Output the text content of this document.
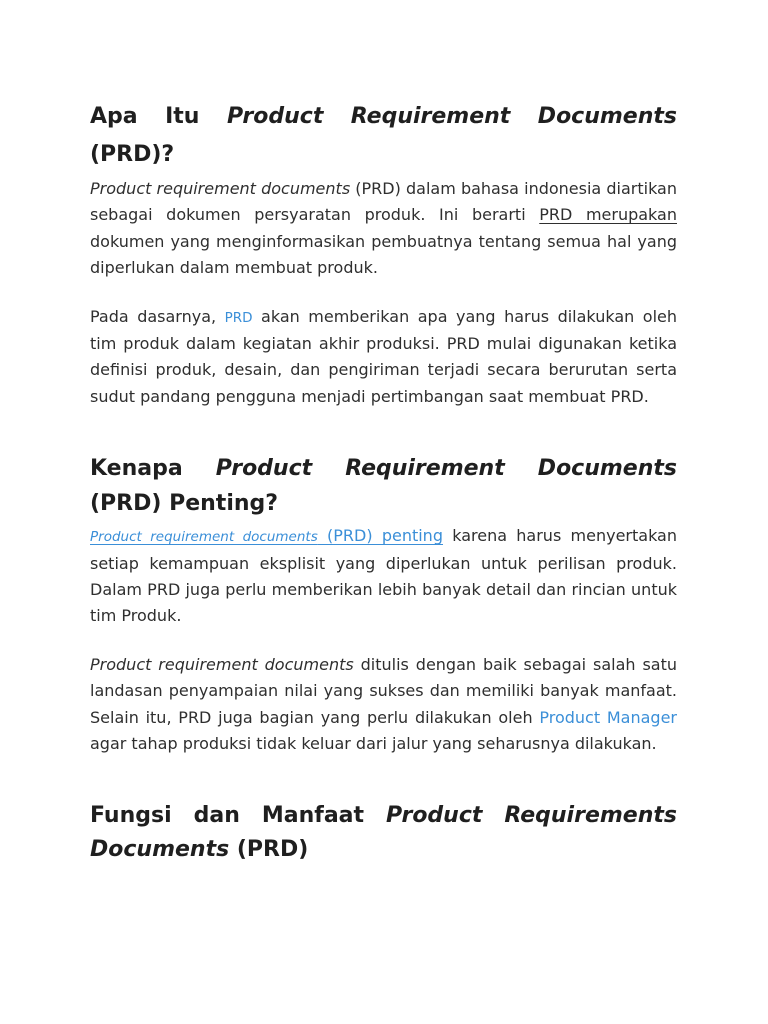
Apa Itu Product Requirement Documents (PRD)?

Product requirement documents (PRD) dalam bahasa indonesia diartikan sebagai dokumen persyaratan produk. Ini berarti PRD merupakan dokumen yang menginformasikan pembuatnya tentang semua hal yang diperlukan dalam membuat produk.

Pada dasarnya, PRD akan memberikan apa yang harus dilakukan oleh tim produk dalam kegiatan akhir produksi. PRD mulai digunakan ketika definisi produk, desain, dan pengiriman terjadi secara berurutan serta sudut pandang pengguna menjadi pertimbangan saat membuat PRD.

Kenapa Product Requirement Documents (PRD) Penting?

Product requirement documents (PRD) penting karena harus menyertakan setiap kemampuan eksplisit yang diperlukan untuk perilisan produk. Dalam PRD juga perlu memberikan lebih banyak detail dan rincian untuk tim Produk.

Product requirement documents ditulis dengan baik sebagai salah satu landasan penyampaian nilai yang sukses dan memiliki banyak manfaat. Selain itu, PRD juga bagian yang perlu dilakukan oleh Product Manager agar tahap produksi tidak keluar dari jalur yang seharusnya dilakukan.

Fungsi dan Manfaat Product Requirements Documents (PRD)
